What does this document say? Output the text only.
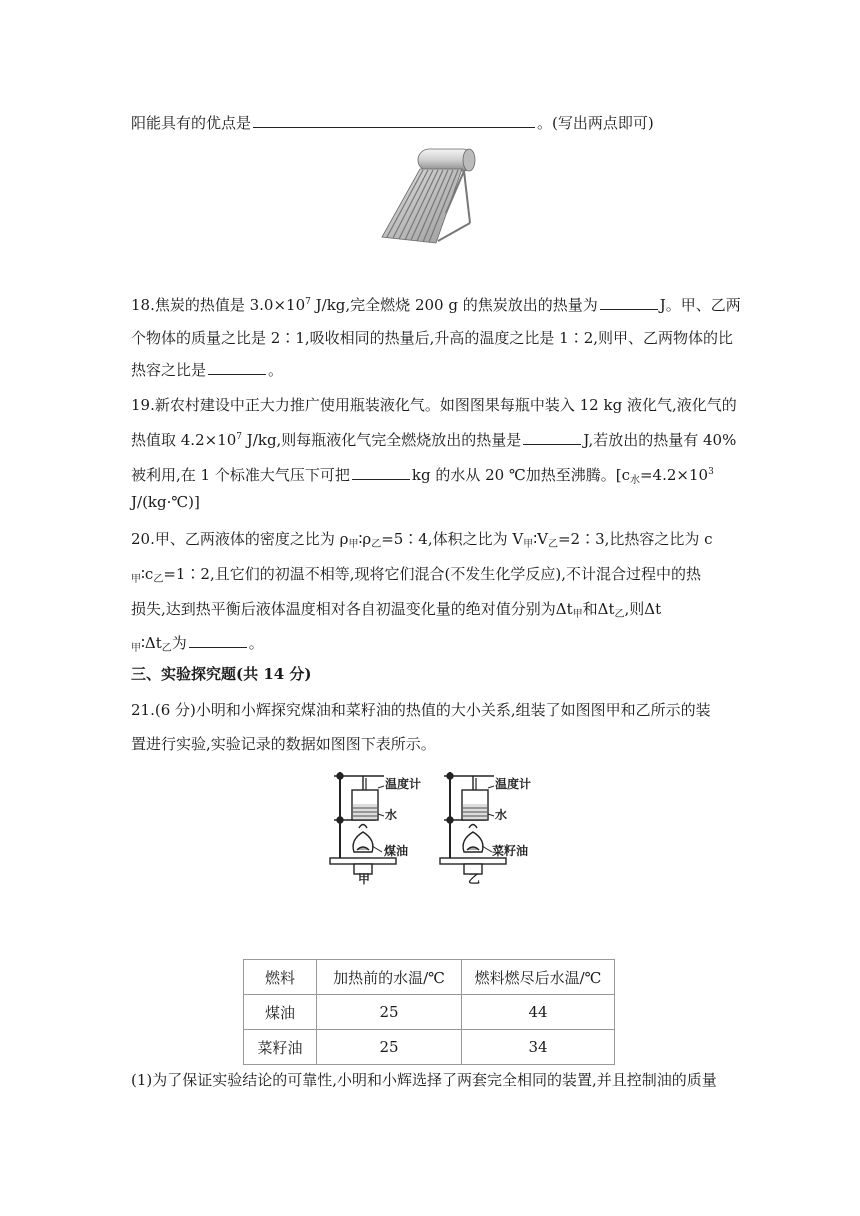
阳能具有的优点是	。(写出两点即可)
18.焦炭的热值是 $3.0\times 10^7$ J/kg,完全燃烧 200 g 的焦炭放出的热量为	J。甲、乙两
个物体的质量之比是 2∶1,吸收相同的热量后,升高的温度之比是 1∶2,则甲、乙两物体的比
热容之比是	。
19.新农村建设中正大力推广使用瓶装液化气。如图图果每瓶中装入 12 kg 液化气,液化气的
热值取 $4.2\times 10^7$ J/kg,则每瓶液化气完全燃烧放出的热量是	J,若放出的热量有 40%
被利用,在 1 个标准大气压下可把	kg 的水从 20 ℃加热至沸腾。[$c_水=4.2\times 10^3$
J/(kg·℃)]
20.甲、乙两液体的密度之比为 $\rho_甲∶\rho_乙=5∶4$,体积之比为 $V_甲∶V_乙=2∶3$,比热容之比为 c
$_甲∶c_乙=1∶2$,且它们的初温不相等,现将它们混合(不发生化学反应),不计混合过程中的热
损失,达到热平衡后液体温度相对各自初温变化量的绝对值分别为$\Delta t_甲$和$\Delta t_乙$,则Δt
$_甲∶\Delta t_乙$为	。
三、实验探究题(共 14 分)
21.(6 分)小明和小辉探究煤油和菜籽油的热值的大小关系,组装了如图图甲和乙所示的装
置进行实验,实验记录的数据如图图下表所示。
温度计
水
煤油
甲
温度计
水
菜籽油
乙
燃料	加热前的水温/℃	燃料燃尽后水温/℃
煤油	25	44
菜籽油	25	34
(1)为了保证实验结论的可靠性,小明和小辉选择了两套完全相同的装置,并且控制油的质量
